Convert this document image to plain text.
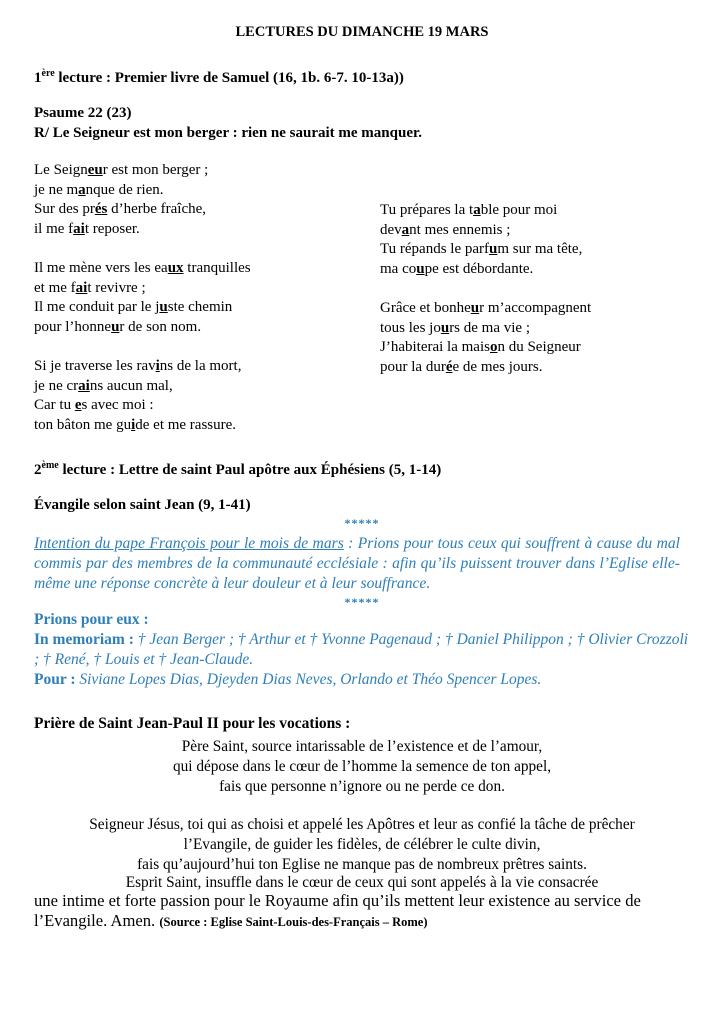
LECTURES DU DIMANCHE 19 MARS
1ère lecture : Premier livre de Samuel (16, 1b. 6-7. 10-13a))
Psaume 22 (23)
R/ Le Seigneur est mon berger : rien ne saurait me manquer.
Le Seigneur est mon berger ;
je ne manque de rien.
Sur des prés d’herbe fraîche,
il me fait reposer.

Il me mène vers les eaux tranquilles
et me fait revivre ;
Il me conduit par le juste chemin
pour l’honneur de son nom.

Si je traverse les ravins de la mort,
je ne crains aucun mal,
Car tu es avec moi :
ton bâton me guide et me rassure.
Tu prépares la table pour moi
devant mes ennemis ;
Tu répands le parfum sur ma tête,
ma coupe est débordante.

Grâce et bonheur m’accompagnent
tous les jours de ma vie ;
J’habiterai la maison du Seigneur
pour la durée de mes jours.
2ème lecture : Lettre de saint Paul apôtre aux Éphésiens (5, 1-14)
Évangile selon saint Jean (9, 1-41)
*****
Intention du pape François pour le mois de mars : Prions pour tous ceux qui souffrent à cause du mal commis par des membres de la communauté ecclésiale : afin qu’ils puissent trouver dans l’Eglise elle-même une réponse concrète à leur douleur et à leur souffrance.
*****
Prions pour eux :
In memoriam : † Jean Berger ; † Arthur et † Yvonne Pagenaud ; † Daniel Philippon ; † Olivier Crozzoli ; † René, † Louis et † Jean-Claude.
Pour : Siviane Lopes Dias, Djeyden Dias Neves, Orlando et Théo Spencer Lopes.
Prière de Saint Jean-Paul II pour les vocations :
Père Saint, source intarissable de l’existence et de l’amour,
qui dépose dans le cœur de l’homme la semence de ton appel,
fais que personne n’ignore ou ne perde ce don.
Seigneur Jésus, toi qui as choisi et appelé les Apôtres et leur as confié la tâche de prêcher
l’Evangile, de guider les fidèles, de célébrer le culte divin,
fais qu’aujourd’hui ton Eglise ne manque pas de nombreux prêtres saints.
Esprit Saint, insuffle dans le cœur de ceux qui sont appelés à la vie consacrée
une intime et forte passion pour le Royaume afin qu’ils mettent leur existence au service de l’Evangile. Amen. (Source : Eglise Saint-Louis-des-Français – Rome)
